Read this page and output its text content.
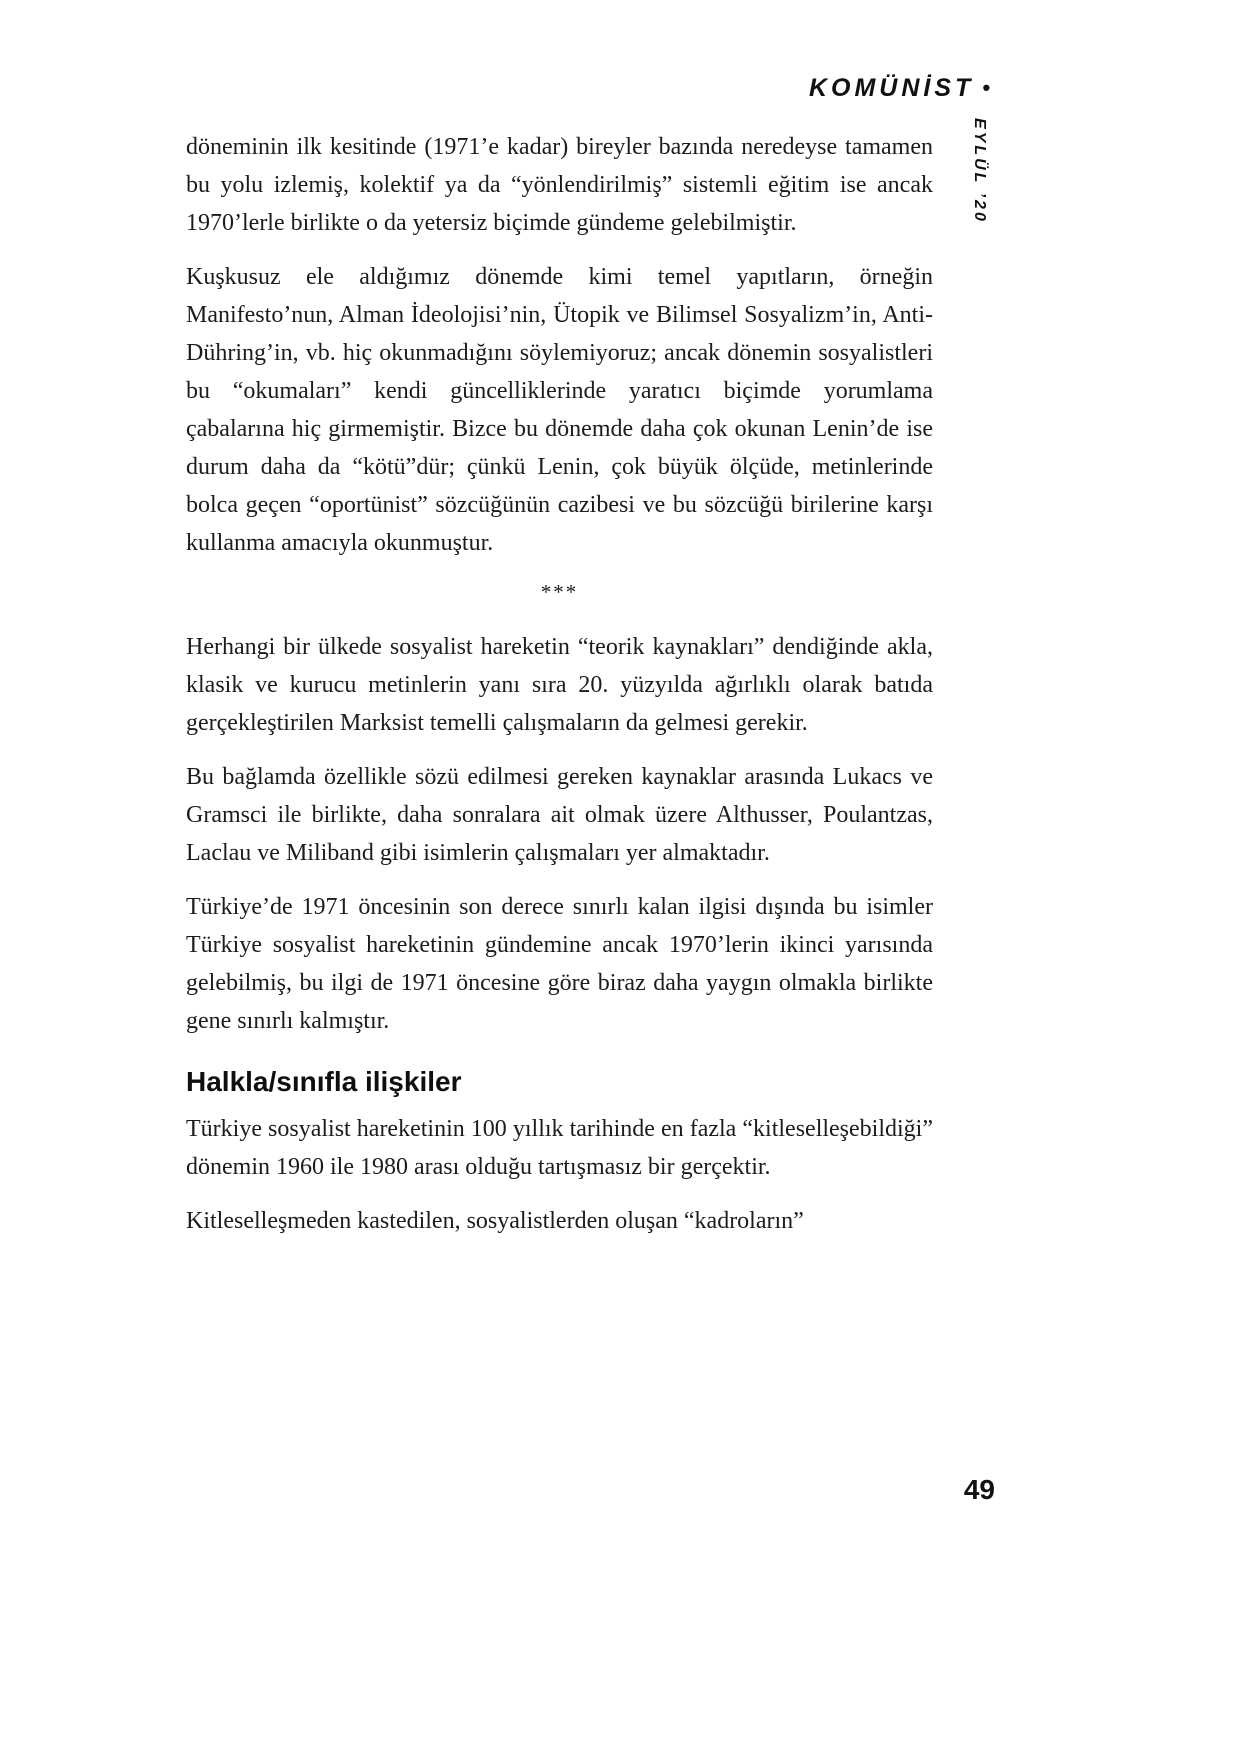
KOMÜNİST •
EYLÜL ’20

döneminin ilk kesitinde (1971’e kadar) bireyler bazında neredeyse tamamen bu yolu izlemiş, kolektif ya da “yönlendirilmiş” sistemli eğitim ise ancak 1970’lerle birlikte o da yetersiz biçimde gündeme gelebilmiştir.

Kuşkusuz ele aldığımız dönemde kimi temel yapıtların, örneğin Manifesto’nun, Alman İdeolojisi’nin, Ütopik ve Bilimsel Sosyalizm’in, Anti-Dühring’in, vb. hiç okunmadığını söylemiyoruz; ancak dönemin sosyalistleri bu “okumaları” kendi güncelliklerinde yaratıcı biçimde yorumlama çabalarına hiç girmemiştir. Bizce bu dönemde daha çok okunan Lenin’de ise durum daha da “kötü”dür; çünkü Lenin, çok büyük ölçüde, metinlerinde bolca geçen “oportünist” sözcüğünün cazibesi ve bu sözcüğü birilerine karşı kullanma amacıyla okunmuştur.

***

Herhangi bir ülkede sosyalist hareketin “teorik kaynakları” dendiğinde akla, klasik ve kurucu metinlerin yanı sıra 20. yüzyılda ağırlıklı olarak batıda gerçekleştirilen Marksist temelli çalışmaların da gelmesi gerekir.

Bu bağlamda özellikle sözü edilmesi gereken kaynaklar arasında Lukacs ve Gramsci ile birlikte, daha sonralara ait olmak üzere Althusser, Poulantzas, Laclau ve Miliband gibi isimlerin çalışmaları yer almaktadır.

Türkiye’de 1971 öncesinin son derece sınırlı kalan ilgisi dışında bu isimler Türkiye sosyalist hareketinin gündemine ancak 1970’lerin ikinci yarısında gelebilmiş, bu ilgi de 1971 öncesine göre biraz daha yaygın olmakla birlikte gene sınırlı kalmıştır.

Halkla/sınıfla ilişkiler

Türkiye sosyalist hareketinin 100 yıllık tarihinde en fazla “kitleselleşebildiği” dönemin 1960 ile 1980 arası olduğu tartışmasız bir gerçektir.

Kitleselleşmeden kastedilen, sosyalistlerden oluşan “kadroların”

49
